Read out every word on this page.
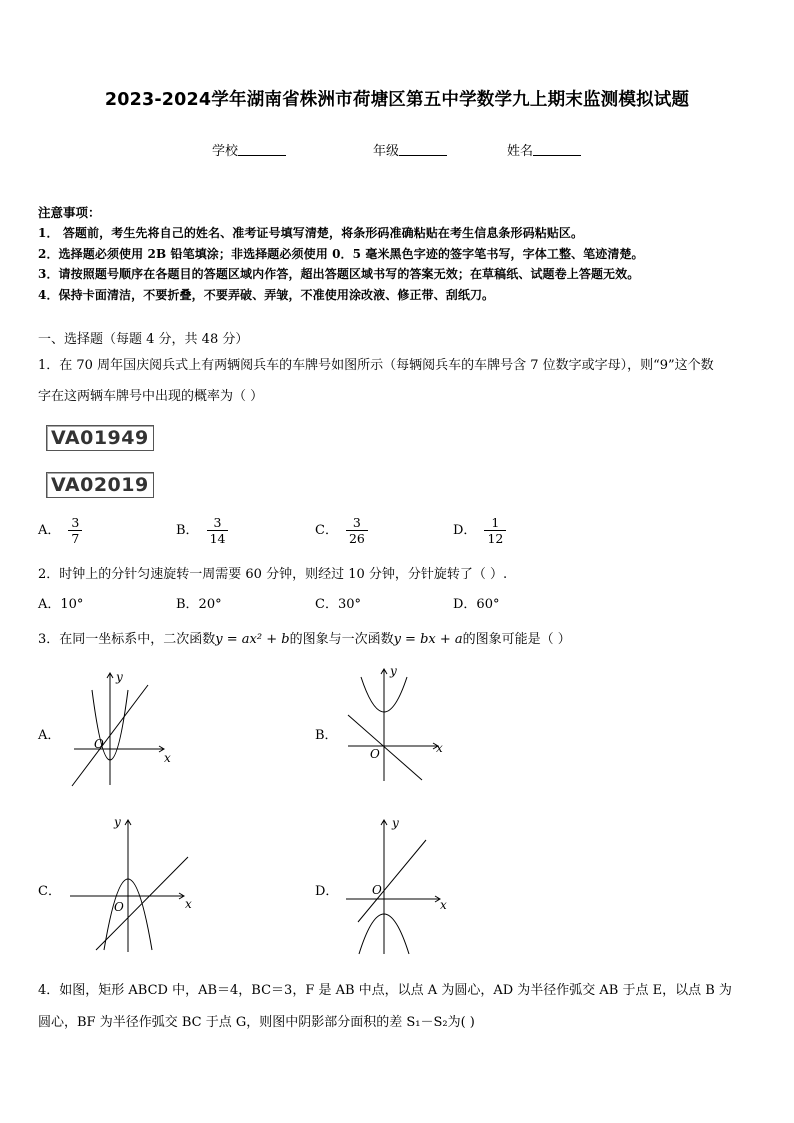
2023-2024学年湖南省株洲市荷塘区第五中学数学九上期末监测模拟试题
学校	年级	姓名
注意事项：
1． 答题前，考生先将自己的姓名、准考证号填写清楚，将条形码准确粘贴在考生信息条形码粘贴区。
2．选择题必须使用 2B 铅笔填涂；非选择题必须使用 0．5 毫米黑色字迹的签字笔书写，字体工整、笔迹清楚。
3．请按照题号顺序在各题目的答题区域内作答，超出答题区域书写的答案无效；在草稿纸、试题卷上答题无效。
4．保持卡面清洁，不要折叠，不要弄破、弄皱，不准使用涂改液、修正带、刮纸刀。
一、选择题（每题 4 分，共 48 分）
1．在 70 周年国庆阅兵式上有两辆阅兵车的车牌号如图所示（每辆阅兵车的车牌号含 7 位数字或字母），则“9”这个数
字在这两辆车牌号中出现的概率为（ ）
VA01949
VA02019
A． $\frac{3}{7}$	B． $\frac{3}{14}$	C． $\frac{3}{26}$	D． $\frac{1}{12}$
2．时钟上的分针匀速旋转一周需要 60 分钟，则经过 10 分钟，分针旋转了（ ）.
A．10°	B．20°	C．30°	D．60°
3．在同一坐标系中，二次函数y = ax² + b的图象与一次函数y = bx + a的图象可能是（ ）
A．	B．
C．	D．
x
y
O	x
y
O
x
y
O	x
y
O
4．如图，矩形 ABCD 中，AB＝4，BC＝3，F 是 AB 中点，以点 A 为圆心，AD 为半径作弧交 AB 于点 E，以点 B 为
圆心，BF 为半径作弧交 BC 于点 G，则图中阴影部分面积的差 S₁－S₂为( )
